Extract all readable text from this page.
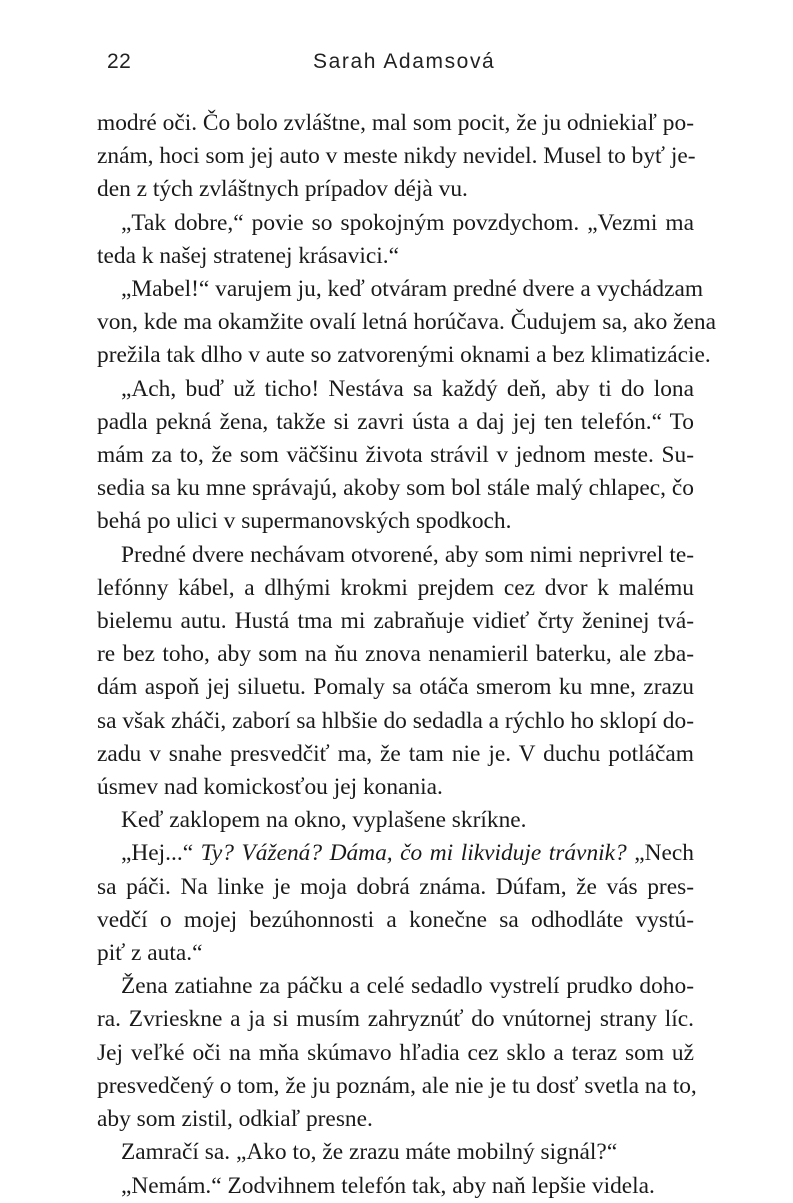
22	Sarah Adamsová
modré oči. Čo bolo zvláštne, mal som pocit, že ju odniekiaľ po-
znám, hoci som jej auto v meste nikdy nevidel. Musel to byť je-
den z tých zvláštnych prípadov déjà vu.
„Tak dobre,“ povie so spokojným povzdychom. „Vezmi ma
teda k našej stratenej krásavici.“
„Mabel!“ varujem ju, keď otváram predné dvere a vychádzam
von, kde ma okamžite ovalí letná horúčava. Čudujem sa, ako žena
prežila tak dlho v aute so zatvorenými oknami a bez klimatizácie.
„Ach, buď už ticho! Nestáva sa každý deň, aby ti do lona
padla pekná žena, takže si zavri ústa a daj jej ten telefón.“ To
mám za to, že som väčšinu života strávil v jednom meste. Su-
sedia sa ku mne správajú, akoby som bol stále malý chlapec, čo
behá po ulici v supermanovských spodkoch.
Predné dvere nechávam otvorené, aby som nimi neprivrel te-
lefónny kábel, a dlhými krokmi prejdem cez dvor k malému
bielemu autu. Hustá tma mi zabraňuje vidieť črty ženinej tvá-
re bez toho, aby som na ňu znova nenamieril baterku, ale zba-
dám aspoň jej siluetu. Pomaly sa otáča smerom ku mne, zrazu
sa však zháči, zaborí sa hlbšie do sedadla a rýchlo ho sklopí do-
zadu v snahe presvedčiť ma, že tam nie je. V duchu potláčam
úsmev nad komickosťou jej konania.
Keď zaklopem na okno, vyplašene skríkne.
„Hej...“ Ty? Vážená? Dáma, čo mi likviduje trávnik? „Nech
sa páči. Na linke je moja dobrá známa. Dúfam, že vás pres-
vedčí o mojej bezúhonnosti a konečne sa odhodláte vystú-
piť z auta.“
Žena zatiahne za páčku a celé sedadlo vystrelí prudko doho-
ra. Zvrieskne a ja si musím zahryznúť do vnútornej strany líc.
Jej veľké oči na mňa skúmavo hľadia cez sklo a teraz som už
presvedčený o tom, že ju poznám, ale nie je tu dosť svetla na to,
aby som zistil, odkiaľ presne.
Zamračí sa. „Ako to, že zrazu máte mobilný signál?“
„Nemám.“ Zodvihnem telefón tak, aby naň lepšie videla.
